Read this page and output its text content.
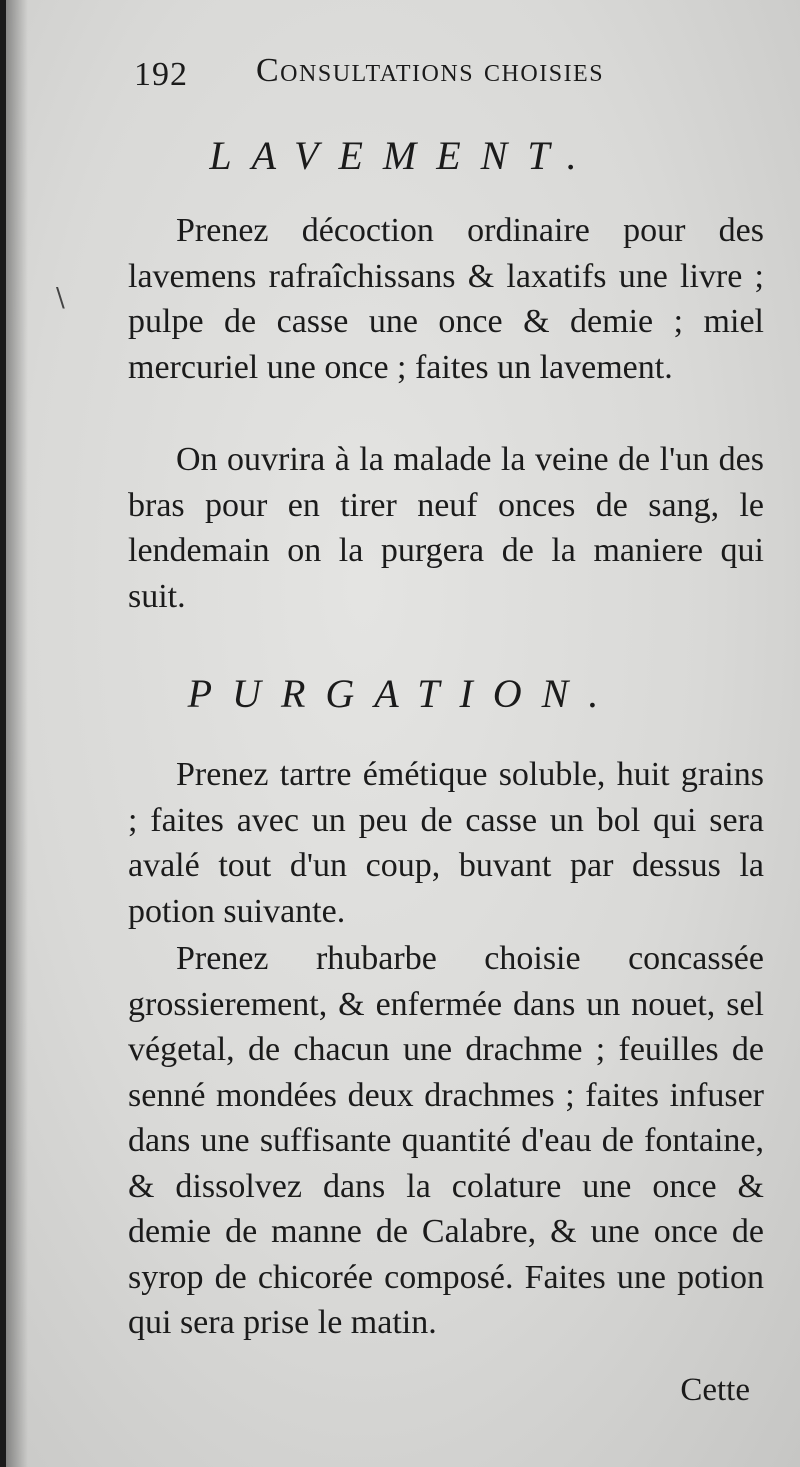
\
192 Consultations choisies
LAVEMENT.

Prenez décoction ordinaire pour des lavemens rafraîchissans & laxatifs une livre ; pulpe de casse une once & demie ; miel mercuriel une once ; faites un lavement.

On ouvrira à la malade la veine de l'un des bras pour en tirer neuf onces de sang, le lendemain on la purgera de la maniere qui suit.

PURGATION.

Prenez tartre émétique soluble, huit grains ; faites avec un peu de casse un bol qui sera avalé tout d'un coup, buvant par dessus la potion suivante.

Prenez rhubarbe choisie concassée grossierement, & enfermée dans un nouet, sel végetal, de chacun une drachme ; feuilles de senné mondées deux drachmes ; faites infuser dans une suffisante quantité d'eau de fontaine, & dissolvez dans la colature une once & demie de manne de Calabre, & une once de syrop de chicorée composé. Faites une potion qui sera prise le matin.

Cette
